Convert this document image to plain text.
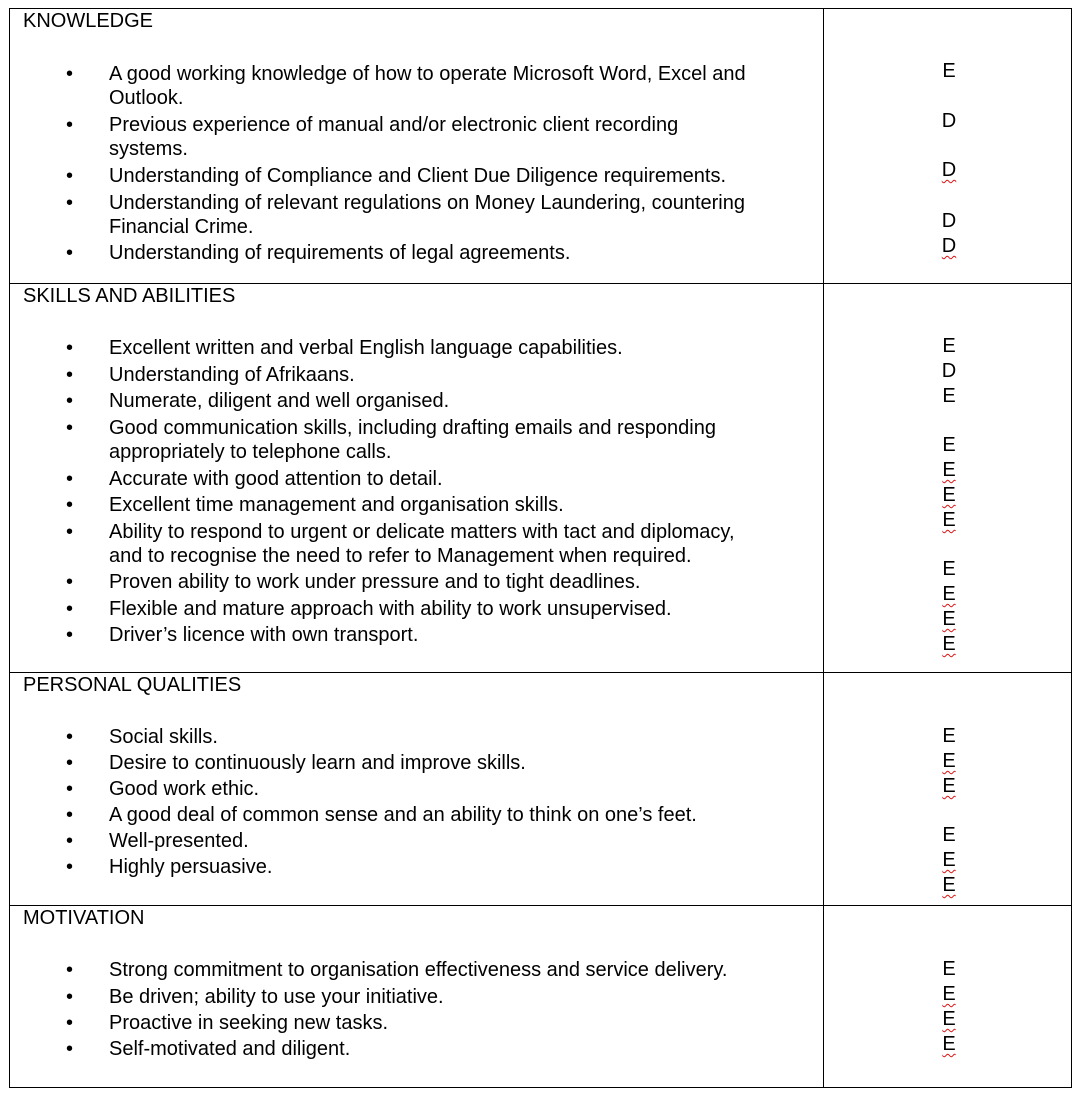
KNOWLEDGE
• A good working knowledge of how to operate Microsoft Word, Excel and
Outlook.
• Previous experience of manual and/or electronic client recording
systems.
• Understanding of Compliance and Client Due Diligence requirements.
• Understanding of relevant regulations on Money Laundering, countering
Financial Crime.
• Understanding of requirements of legal agreements.
E
D
D
D
D
SKILLS AND ABILITIES
• Excellent written and verbal English language capabilities.
• Understanding of Afrikaans.
• Numerate, diligent and well organised.
• Good communication skills, including drafting emails and responding
appropriately to telephone calls.
• Accurate with good attention to detail.
• Excellent time management and organisation skills.
• Ability to respond to urgent or delicate matters with tact and diplomacy,
and to recognise the need to refer to Management when required.
• Proven ability to work under pressure and to tight deadlines.
• Flexible and mature approach with ability to work unsupervised.
• Driver’s licence with own transport.
E
D
E
E
E
E
E
E
E
E
E
PERSONAL QUALITIES
• Social skills.
• Desire to continuously learn and improve skills.
• Good work ethic.
• A good deal of common sense and an ability to think on one’s feet.
• Well-presented.
• Highly persuasive.
E
E
E
E
E
E
MOTIVATION
• Strong commitment to organisation effectiveness and service delivery.
• Be driven; ability to use your initiative.
• Proactive in seeking new tasks.
• Self-motivated and diligent.
E
E
E
E
